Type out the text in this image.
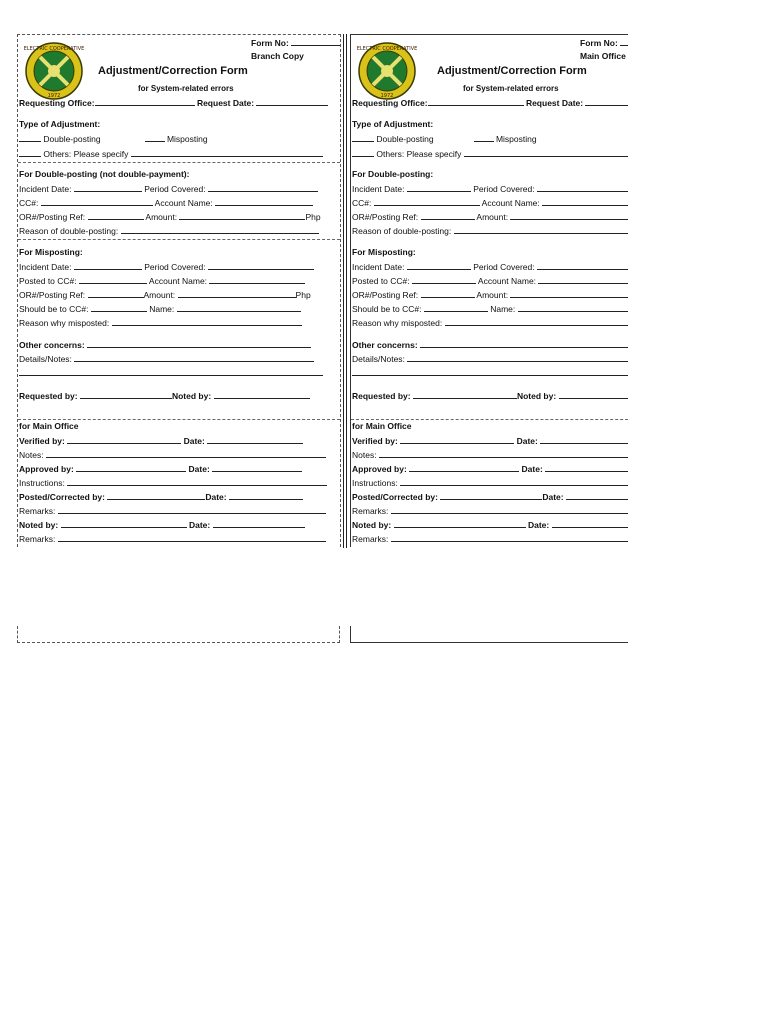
ELECTRIC COOPERATIVE
1972
Form No:
Branch Copy
Adjustment/Correction Form
for System-related errors
Requesting Office:	Request Date:
Type of Adjustment:
Double-posting	Misposting
Others: Please specify
For Double-posting (not double-payment):
Incident Date:	Period Covered:
CC#:	Account Name:
OR#/Posting Ref:	Amount:	Php
Reason of double-posting:
For Misposting:
Incident Date:	Period Covered:
Posted to CC#:	Account Name:
OR#/Posting Ref:	Amount:	Php
Should be to CC#:	Name:
Reason why misposted:
Other concerns:
Details/Notes:
Requested by:	Noted by:
for Main Office
Verified by:	Date:
Notes:
Approved by:	Date:
Instructions:
Posted/Corrected by:	Date:
Remarks:
Noted by:	Date:
Remarks:
ELECTRIC COOPERATIVE
1972
Form No:
Main Office
Adjustment/Correction Form
for System-related errors
Requesting Office:	Request Date:
Type of Adjustment:
Double-posting	Misposting
Others: Please specify
For Double-posting:
Incident Date:	Period Covered:
CC#:	Account Name:
OR#/Posting Ref:	Amount:
Reason of double-posting:
For Misposting:
Incident Date:	Period Covered:
Posted to CC#:	Account Name:
OR#/Posting Ref:	Amount:
Should be to CC#:	Name:
Reason why misposted:
Other concerns:
Details/Notes:
Requested by:	Noted by:
for Main Office
Verified by:	Date:
Notes:
Approved by:	Date:
Instructions:
Posted/Corrected by:	Date:
Remarks:
Noted by:	Date:
Remarks:
